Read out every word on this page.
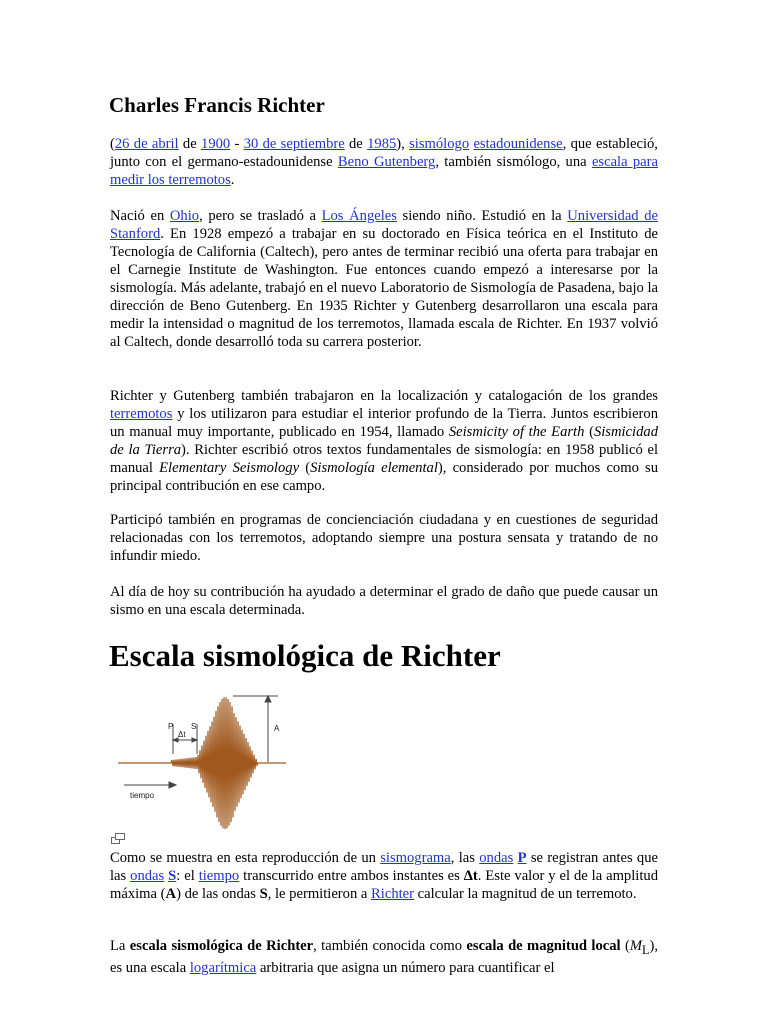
Charles Francis Richter

(26 de abril de 1900 - 30 de septiembre de 1985), sismólogo estadounidense, que estableció, junto con el germano-estadounidense Beno Gutenberg, también sismólogo, una escala para medir los terremotos.

Nació en Ohio, pero se trasladó a Los Ángeles siendo niño. Estudió en la Universidad de Stanford. En 1928 empezó a trabajar en su doctorado en Física teórica en el Instituto de Tecnología de California (Caltech), pero antes de terminar recibió una oferta para trabajar en el Carnegie Institute de Washington. Fue entonces cuando empezó a interesarse por la sismología. Más adelante, trabajó en el nuevo Laboratorio de Sismología de Pasadena, bajo la dirección de Beno Gutenberg. En 1935 Richter y Gutenberg desarrollaron una escala para medir la intensidad o magnitud de los terremotos, llamada escala de Richter. En 1937 volvió al Caltech, donde desarrolló toda su carrera posterior.

Richter y Gutenberg también trabajaron en la localización y catalogación de los grandes terremotos y los utilizaron para estudiar el interior profundo de la Tierra. Juntos escribieron un manual muy importante, publicado en 1954, llamado Seismicity of the Earth (Sismicidad de la Tierra). Richter escribió otros textos fundamentales de sismología: en 1958 publicó el manual Elementary Seismology (Sismología elemental), considerado por muchos como su principal contribución en ese campo.

Participó también en programas de concienciación ciudadana y en cuestiones de seguridad relacionadas con los terremotos, adoptando siempre una postura sensata y tratando de no infundir miedo.

Al día de hoy su contribución ha ayudado a determinar el grado de daño que puede causar un sismo en una escala determinada.

Escala sismológica de Richter
P S
Δt
A
tiempo

Como se muestra en esta reproducción de un sismograma, las ondas P se registran antes que las ondas S: el tiempo transcurrido entre ambos instantes es Δt. Este valor y el de la amplitud máxima (A) de las ondas S, le permitieron a Richter calcular la magnitud de un terremoto.

La escala sismológica de Richter, también conocida como escala de magnitud local $(M_L)$, es una escala logarítmica arbitraria que asigna un número para cuantificar el
